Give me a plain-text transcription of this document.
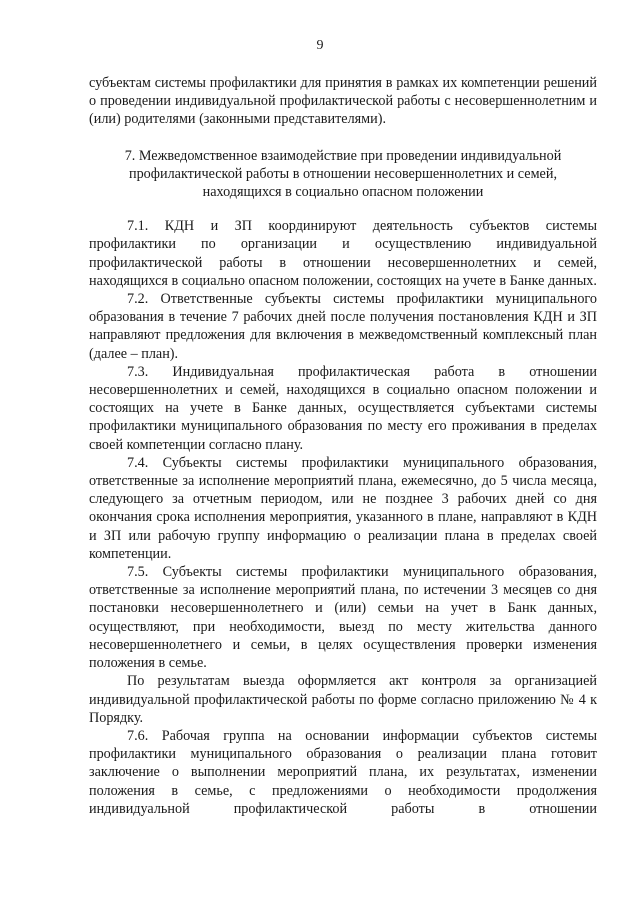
9

субъектам системы профилактики для принятия в рамках их компетенции решений о проведении индивидуальной профилактической работы с несовершеннолетним и (или) родителями (законными представителями).

7. Межведомственное взаимодействие при проведении индивидуальной
профилактической работы в отношении несовершеннолетних и семей,
находящихся в социально опасном положении

7.1. КДН и ЗП координируют деятельность субъектов системы профилактики по организации и осуществлению индивидуальной профилактической работы в отношении несовершеннолетних и семей, находящихся в социально опасном положении, состоящих на учете в Банке данных.

7.2. Ответственные субъекты системы профилактики муниципального образования в течение 7 рабочих дней после получения постановления КДН и ЗП направляют предложения для включения в межведомственный комплексный план (далее – план).

7.3. Индивидуальная профилактическая работа в отношении несовершеннолетних и семей, находящихся в социально опасном положении и состоящих на учете в Банке данных, осуществляется субъектами системы профилактики муниципального образования по месту его проживания в пределах своей компетенции согласно плану.

7.4. Субъекты системы профилактики муниципального образования, ответственные за исполнение мероприятий плана, ежемесячно, до 5 числа месяца, следующего за отчетным периодом, или не позднее 3 рабочих дней со дня окончания срока исполнения мероприятия, указанного в плане, направляют в КДН и ЗП или рабочую группу информацию о реализации плана в пределах своей компетенции.

7.5. Субъекты системы профилактики муниципального образования, ответственные за исполнение мероприятий плана, по истечении 3 месяцев со дня постановки несовершеннолетнего и (или) семьи на учет в Банк данных, осуществляют, при необходимости, выезд по месту жительства данного несовершеннолетнего и семьи, в целях осуществления проверки изменения положения в семье.

По результатам выезда оформляется акт контроля за организацией индивидуальной профилактической работы по форме согласно приложению № 4 к Порядку.

7.6. Рабочая группа на основании информации субъектов системы профилактики муниципального образования о реализации плана готовит заключение о выполнении мероприятий плана, их результатах, изменении положения в семье, с предложениями о необходимости продолжения индивидуальной профилактической работы в отношении
